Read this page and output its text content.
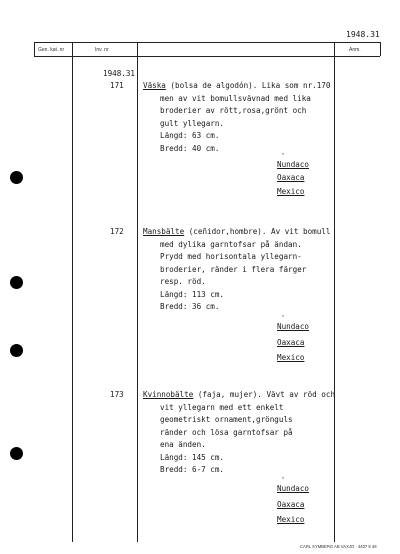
1948.31
Gen. kat. nr	Inv. nr	Anm.
1948.31
171	Väska (bolsa de algodón). Lika som nr.170
men av vit bomullsvävnad med lika
broderier av rött,rosa,grönt och
gult yllegarn.
Längd: 63 cm.
Bredd: 40 cm.
ˇ
Nundaco
Oaxaca
Mexico
172	Mansbälte (ceñidor,hombre). Av vit bomull
med dylika garntofsar på ändan.
Prydd med horisontala yllegarn-
broderier, ränder i flera färger
resp. röd.
Längd: 113 cm.
Bredd: 36 cm.
ˇ
Nundaco
Oaxaca
Mexico
173	Kvinnobälte (faja, mujer). Vävt av röd och
vit yllegarn med ett enkelt
geometriskt ornament,grönguls
ränder och lösa garntofsar på
ena änden.
Längd: 145 cm.
Bredd: 6-7 cm.
ˇ
Nundaco
Oaxaca
Mexico
CARL SYMBERG AB VAXJO · 4407 8 48
